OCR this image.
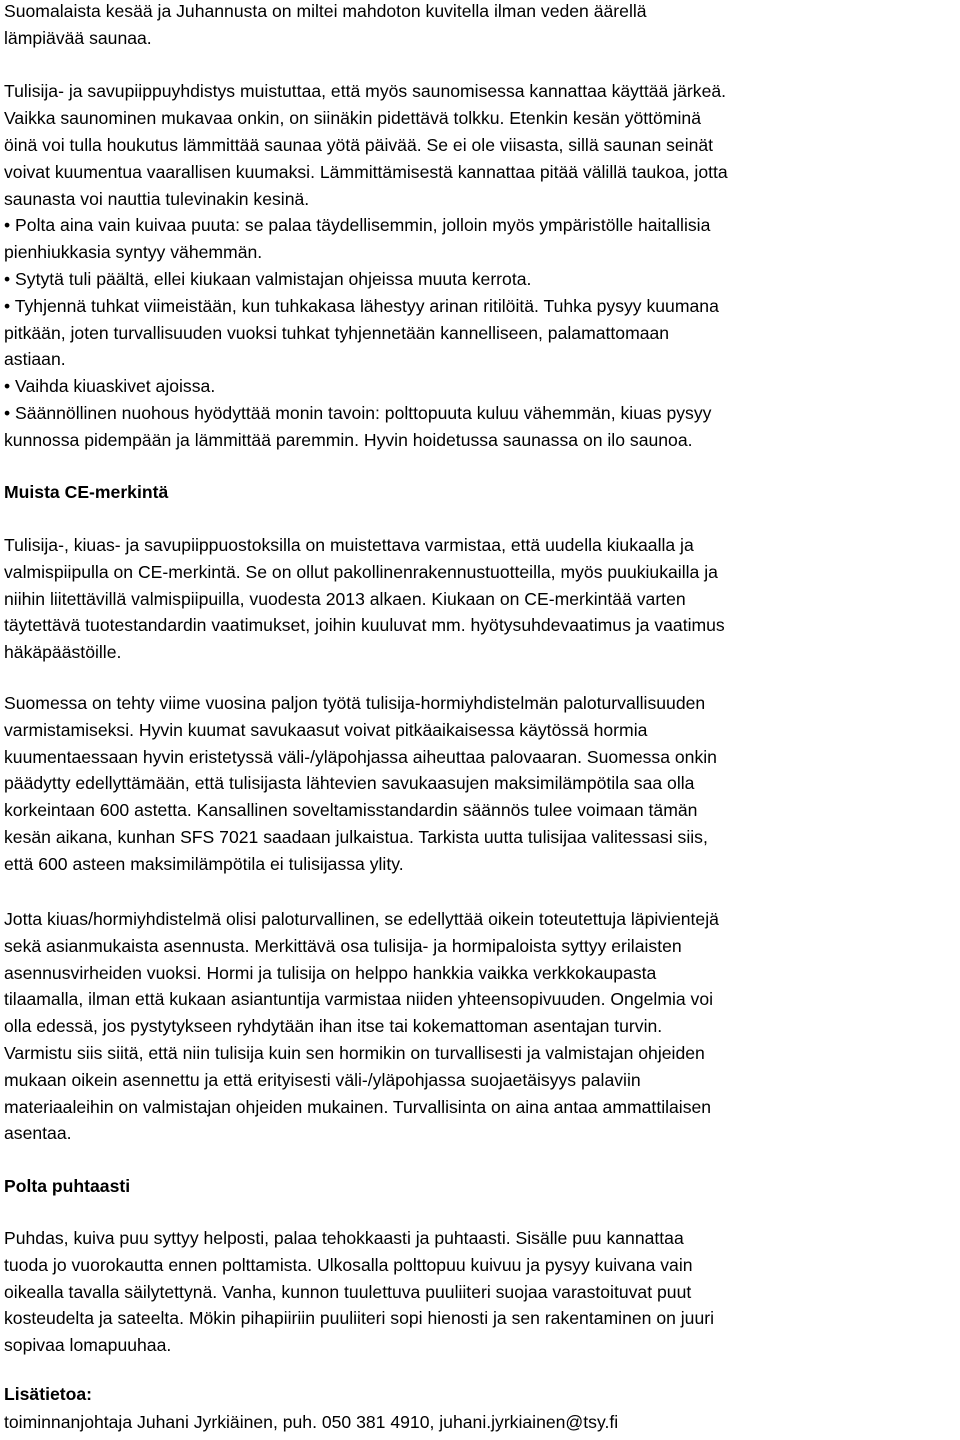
Suomalaista kesää ja Juhannusta on miltei mahdoton kuvitella ilman veden äärellä
lämpiävää saunaa.
Tulisija- ja savupiippuyhdistys muistuttaa, että myös saunomisessa kannattaa käyttää järkeä.
Vaikka saunominen mukavaa onkin, on siinäkin pidettävä tolkku. Etenkin kesän yöttöminä
öinä voi tulla houkutus lämmittää saunaa yötä päivää. Se ei ole viisasta, sillä saunan seinät
voivat kuumentua vaarallisen kuumaksi. Lämmittämisestä kannattaa pitää välillä taukoa, jotta
saunasta voi nauttia tulevinakin kesinä.
• Polta aina vain kuivaa puuta: se palaa täydellisemmin, jolloin myös ympäristölle haitallisia
pienhiukkasia syntyy vähemmän.
• Sytytä tuli päältä, ellei kiukaan valmistajan ohjeissa muuta kerrota.
• Tyhjennä tuhkat viimeistään, kun tuhkakasa lähestyy arinan ritilöitä. Tuhka pysyy kuumana
pitkään, joten turvallisuuden vuoksi tuhkat tyhjennetään kannelliseen, palamattomaan
astiaan.
• Vaihda kiuaskivet ajoissa.
• Säännöllinen nuohous hyödyttää monin tavoin: polttopuuta kuluu vähemmän, kiuas pysyy
kunnossa pidempään ja lämmittää paremmin. Hyvin hoidetussa saunassa on ilo saunoa.
Muista CE-merkintä
Tulisija-, kiuas- ja savupiippuostoksilla on muistettava varmistaa, että uudella kiukaalla ja
valmispiipulla on CE-merkintä. Se on ollut pakollinenrakennustuotteilla, myös puukiukailla ja
niihin liitettävillä valmispiipuilla, vuodesta 2013 alkaen. Kiukaan on CE-merkintää varten
täytettävä tuotestandardin vaatimukset, joihin kuuluvat mm. hyötysuhdevaatimus ja vaatimus
häkäpäästöille.
Suomessa on tehty viime vuosina paljon työtä tulisija-hormiyhdistelmän paloturvallisuuden
varmistamiseksi. Hyvin kuumat savukaasut voivat pitkäaikaisessa käytössä hormia
kuumentaessaan hyvin eristetyssä väli-/yläpohjassa aiheuttaa palovaaran. Suomessa onkin
päädytty edellyttämään, että tulisijasta lähtevien savukaasujen maksimilämpötila saa olla
korkeintaan 600 astetta. Kansallinen soveltamisstandardin säännös tulee voimaan tämän
kesän aikana, kunhan SFS 7021 saadaan julkaistua. Tarkista uutta tulisijaa valitessasi siis,
että 600 asteen maksimilämpötila ei tulisijassa ylity.
Jotta kiuas/hormiyhdistelmä olisi paloturvallinen, se edellyttää oikein toteutettuja läpivientejä
sekä asianmukaista asennusta. Merkittävä osa tulisija- ja hormipaloista syttyy erilaisten
asennusvirheiden vuoksi. Hormi ja tulisija on helppo hankkia vaikka verkkokaupasta
tilaamalla, ilman että kukaan asiantuntija varmistaa niiden yhteensopivuuden. Ongelmia voi
olla edessä, jos pystytykseen ryhdytään ihan itse tai kokemattoman asentajan turvin.
Varmistu siis siitä, että niin tulisija kuin sen hormikin on turvallisesti ja valmistajan ohjeiden
mukaan oikein asennettu ja että erityisesti väli-/yläpohjassa suojaetäisyys palaviin
materiaaleihin on valmistajan ohjeiden mukainen. Turvallisinta on aina antaa ammattilaisen
asentaa.
Polta puhtaasti
Puhdas, kuiva puu syttyy helposti, palaa tehokkaasti ja puhtaasti. Sisälle puu kannattaa
tuoda jo vuorokautta ennen polttamista. Ulkosalla polttopuu kuivuu ja pysyy kuivana vain
oikealla tavalla säilytettynä. Vanha, kunnon tuulettuva puuliiteri suojaa varastoituvat puut
kosteudelta ja sateelta. Mökin pihapiiriin puuliiteri sopi hienosti ja sen rakentaminen on juuri
sopivaa lomapuuhaa.
Lisätietoa:
toiminnanjohtaja Juhani Jyrkiäinen, puh. 050 381 4910, juhani.jyrkiainen@tsy.fi
